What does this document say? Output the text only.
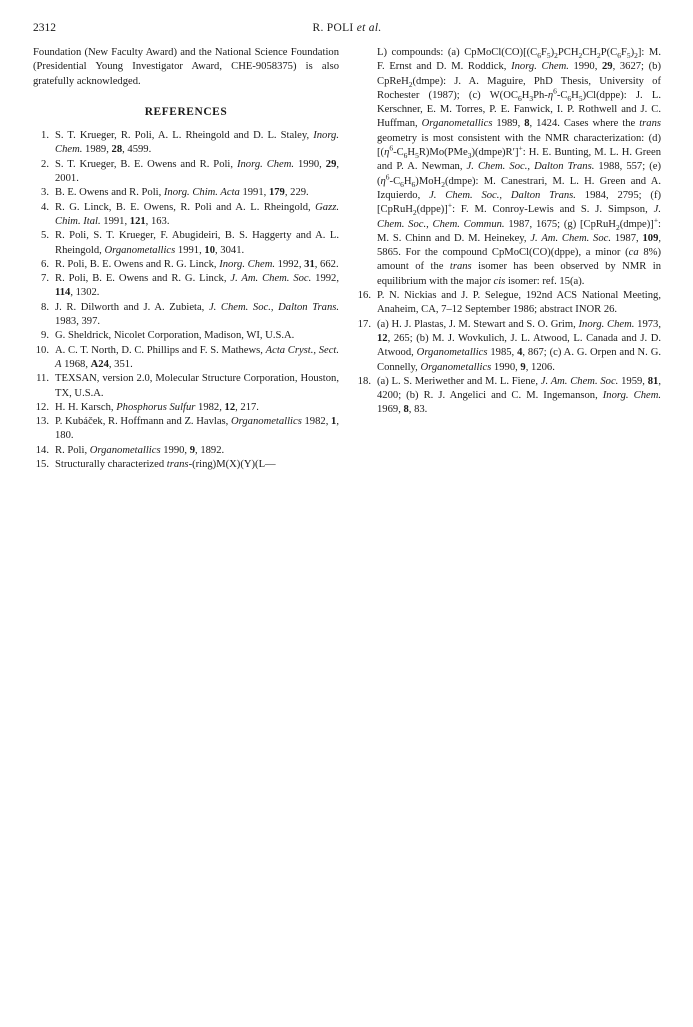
2312	R. POLI et al.

Foundation (New Faculty Award) and the National Science Foundation (Presidential Young Investigator Award, CHE-9058375) is also gratefully acknowledged.

REFERENCES

1. S. T. Krueger, R. Poli, A. L. Rheingold and D. L. Staley, Inorg. Chem. 1989, 28, 4599.

2. S. T. Krueger, B. E. Owens and R. Poli, Inorg. Chem. 1990, 29, 2001.

3. B. E. Owens and R. Poli, Inorg. Chim. Acta 1991, 179, 229.

4. R. G. Linck, B. E. Owens, R. Poli and A. L. Rheingold, Gazz. Chim. Ital. 1991, 121, 163.

5. R. Poli, S. T. Krueger, F. Abugideiri, B. S. Haggerty and A. L. Rheingold, Organometallics 1991, 10, 3041.

6. R. Poli, B. E. Owens and R. G. Linck, Inorg. Chem. 1992, 31, 662.

7. R. Poli, B. E. Owens and R. G. Linck, J. Am. Chem. Soc. 1992, 114, 1302.

8. J. R. Dilworth and J. A. Zubieta, J. Chem. Soc., Dalton Trans. 1983, 397.

9. G. Sheldrick, Nicolet Corporation, Madison, WI, U.S.A.

10. A. C. T. North, D. C. Phillips and F. S. Mathews, Acta Cryst., Sect. A 1968, A24, 351.

11. TEXSAN, version 2.0, Molecular Structure Corporation, Houston, TX, U.S.A.

12. H. H. Karsch, Phosphorus Sulfur 1982, 12, 217.

13. P. Kubáček, R. Hoffmann and Z. Havlas, Organometallics 1982, 1, 180.

14. R. Poli, Organometallics 1990, 9, 1892.

15. Structurally characterized trans-(ring)M(X)(Y)(L—

L) compounds: (a) $CpMoCl(CO)[(C_6F_5)_2PCH_2CH_2P(C_6F_5)_2]$: M. F. Ernst and D. M. Roddick, Inorg. Chem. 1990, 29, 3627; (b) CpReH$_2$(dmpe): J. A. Maguire, PhD Thesis, University of Rochester (1987); (c) $W(OC_6H_3Ph-\eta^6-C_6H_5)Cl(dppe)$: J. L. Kerschner, E. M. Torres, P. E. Fanwick, I. P. Rothwell and J. C. Huffman, Organometallics 1989, 8, 1424. Cases where the trans geometry is most consistent with the NMR characterization: (d) $[(\eta^6-C_6H_5R)Mo(PMe_3)(dmpe)R']^+$: H. E. Bunting, M. L. H. Green and P. A. Newman, J. Chem. Soc., Dalton Trans. 1988, 557; (e) $(\eta^6-C_6H_6)MoH_2(dmpe)$: M. Canestrari, M. L. H. Green and A. Izquierdo, J. Chem. Soc., Dalton Trans. 1984, 2795; (f) [CpRuH$_2$(dppe)]+: F. M. Conroy-Lewis and S. J. Simpson, J. Chem. Soc., Chem. Commun. 1987, 1675; (g) [CpRuH$_2$(dmpe)]+: M. S. Chinn and D. M. Heinekey, J. Am. Chem. Soc. 1987, 109, 5865. For the compound CpMoCl(CO)(dppe), a minor (ca 8%) amount of the trans isomer has been observed by NMR in equilibrium with the major cis isomer: ref. 15(a).

16. P. N. Nickias and J. P. Selegue, 192nd ACS National Meeting, Anaheim, CA, 7–12 September 1986; abstract INOR 26.

17. (a) H. J. Plastas, J. M. Stewart and S. O. Grim, Inorg. Chem. 1973, 12, 265; (b) M. J. Wovkulich, J. L. Atwood, L. Canada and J. D. Atwood, Organometallics 1985, 4, 867; (c) A. G. Orpen and N. G. Connelly, Organometallics 1990, 9, 1206.

18. (a) L. S. Meriwether and M. L. Fiene, J. Am. Chem. Soc. 1959, 81, 4200; (b) R. J. Angelici and C. M. Ingemanson, Inorg. Chem. 1969, 8, 83.
